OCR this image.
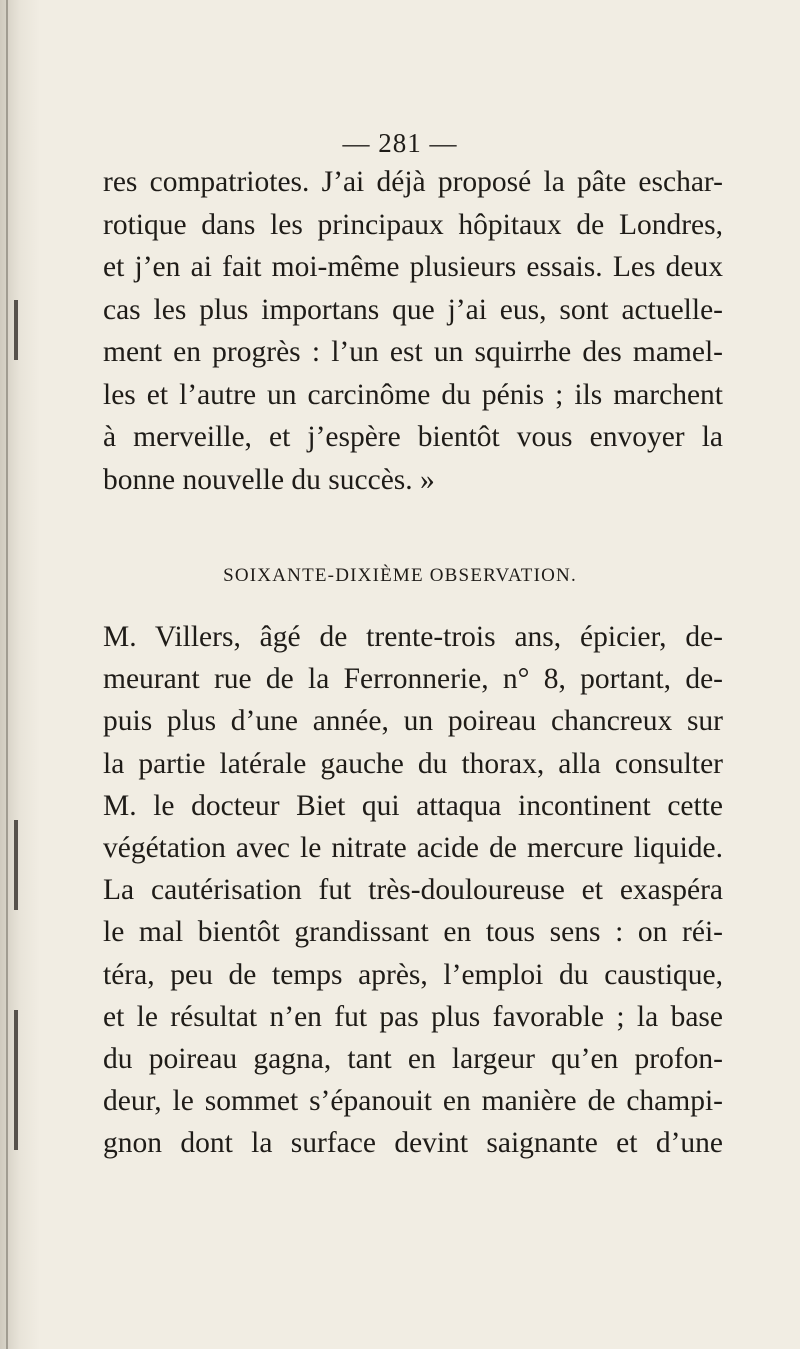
— 281 —
res compatriotes. J’ai déjà proposé la pâte eschar-
rotique dans les principaux hôpitaux de Londres,
et j’en ai fait moi-même plusieurs essais. Les deux
cas les plus importans que j’ai eus, sont actuelle-
ment en progrès : l’un est un squirrhe des mamel-
les et l’autre un carcinôme du pénis ; ils marchent
à merveille, et j’espère bientôt vous envoyer la
bonne nouvelle du succès. »
SOIXANTE-DIXIÈME OBSERVATION.
M. Villers, âgé de trente-trois ans, épicier, de-
meurant rue de la Ferronnerie, n° 8, portant, de-
puis plus d’une année, un poireau chancreux sur
la partie latérale gauche du thorax, alla consulter
M. le docteur Biet qui attaqua incontinent cette
végétation avec le nitrate acide de mercure liquide.
La cautérisation fut très-douloureuse et exaspéra
le mal bientôt grandissant en tous sens : on réi-
téra, peu de temps après, l’emploi du caustique,
et le résultat n’en fut pas plus favorable ; la base
du poireau gagna, tant en largeur qu’en profon-
deur, le sommet s’épanouit en manière de champi-
gnon dont la surface devint saignante et d’une
